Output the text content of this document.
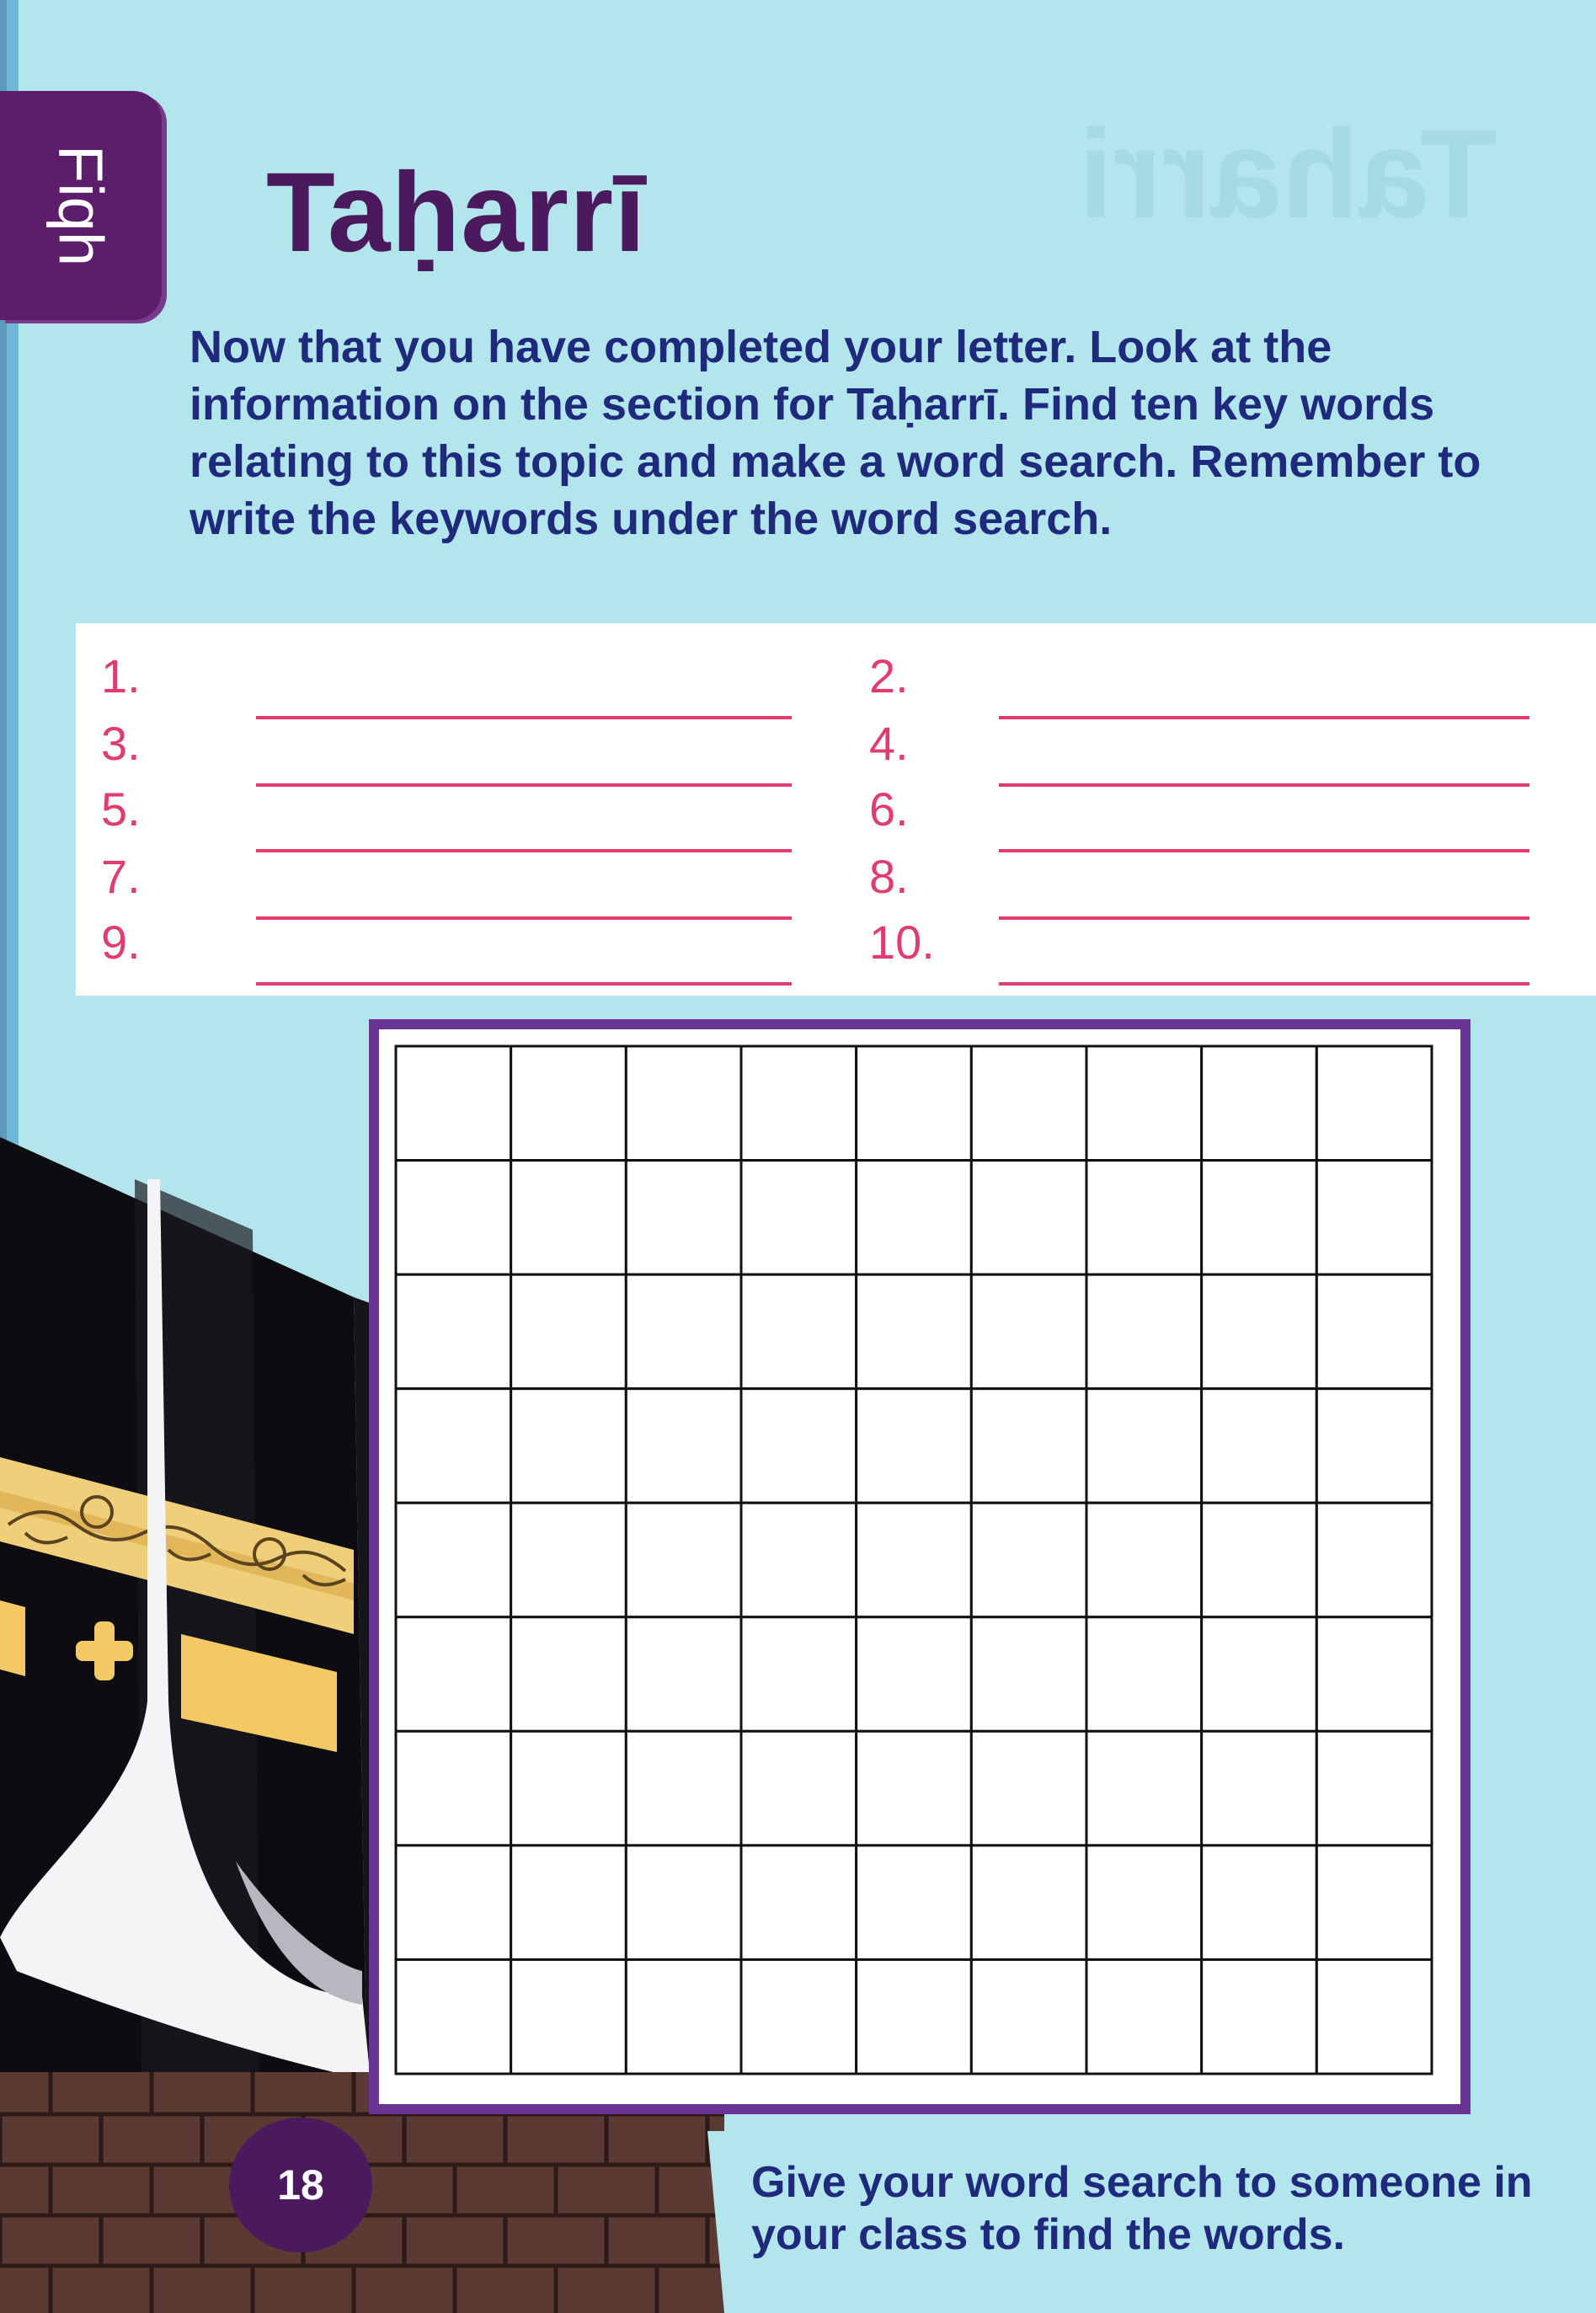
Fiqh	Taharri
Taḥarrī

Now that you have completed your letter. Look at the information on the section for Taḥarrī. Find ten key words relating to this topic and make a word search. Remember to write the keywords under the word search.

1.	2.
3.	4.
5.	6.
7.	8.
9.	10.
18	Give your word search to someone in your class to find the words.
